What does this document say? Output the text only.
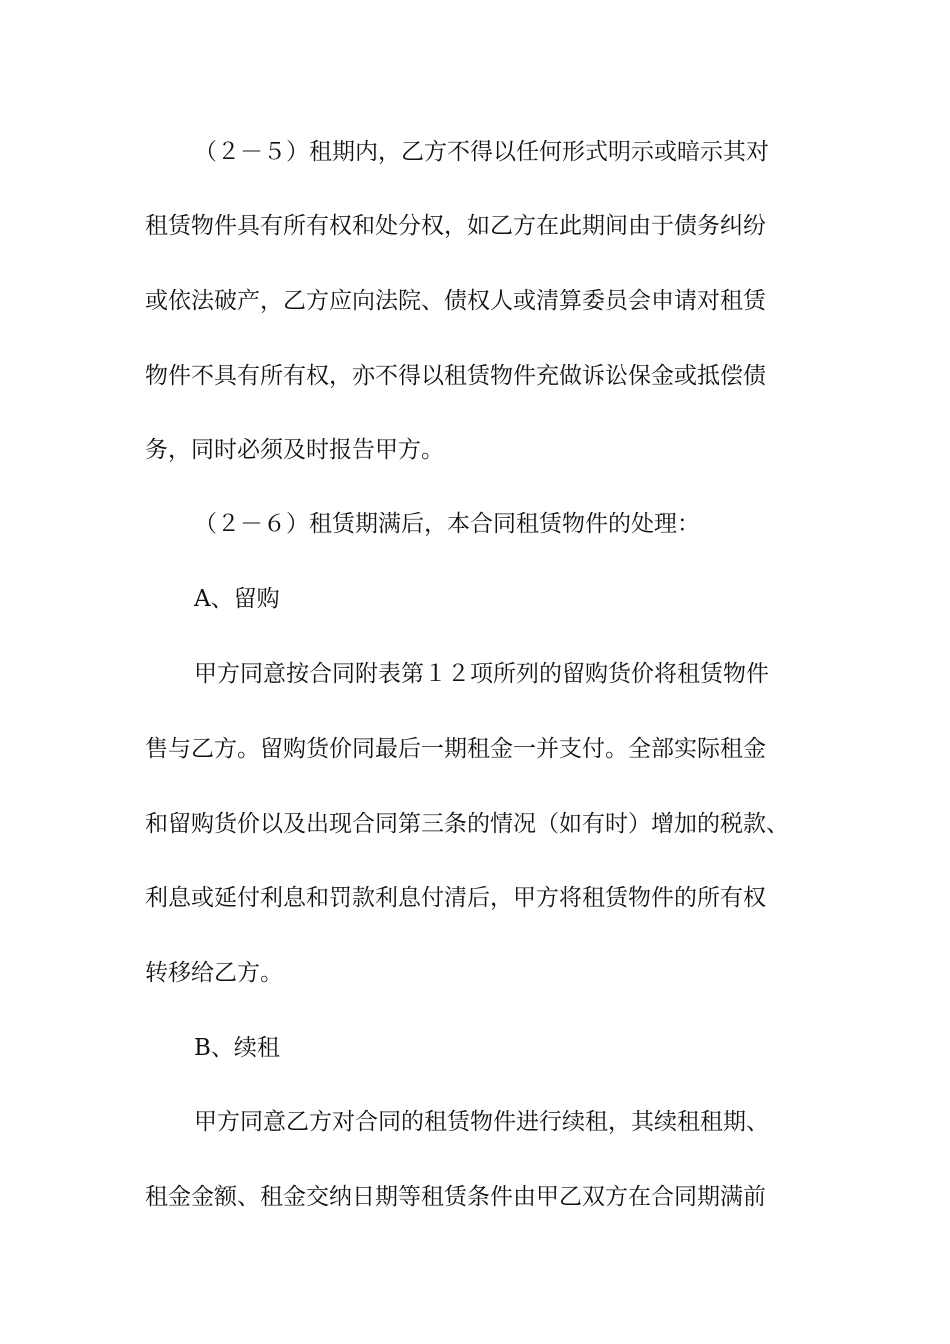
（２－５）租期内，乙方不得以任何形式明示或暗示其对
租赁物件具有所有权和处分权，如乙方在此期间由于债务纠纷
或依法破产，乙方应向法院、债权人或清算委员会申请对租赁
物件不具有所有权，亦不得以租赁物件充做诉讼保金或抵偿债
务，同时必须及时报告甲方。
（２－６）租赁期满后，本合同租赁物件的处理：
A、留购
甲方同意按合同附表第１２项所列的留购货价将租赁物件
售与乙方。留购货价同最后一期租金一并支付。全部实际租金
和留购货价以及出现合同第三条的情况（如有时）增加的税款、
利息或延付利息和罚款利息付清后，甲方将租赁物件的所有权
转移给乙方。
B、续租
甲方同意乙方对合同的租赁物件进行续租，其续租租期、
租金金额、租金交纳日期等租赁条件由甲乙双方在合同期满前
